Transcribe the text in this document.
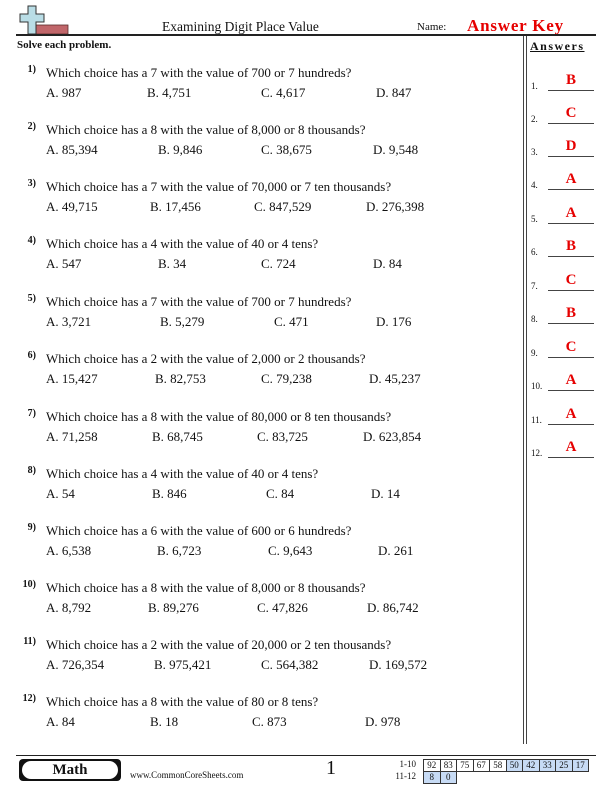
Examining Digit Place Value	Name: Answer Key
Solve each problem.	Answers
1.	B
2.	C
3.	D
4.	A
5.	A
6.	B
7.	C
8.	B
9.	C
10.	A
11.	A
12.	A
1) Which choice has a 7 with the value of 700 or 7 hundreds?
A. 987	B. 4,751	C. 4,617	D. 847
2) Which choice has a 8 with the value of 8,000 or 8 thousands?
A. 85,394	B. 9,846	C. 38,675	D. 9,548
3) Which choice has a 7 with the value of 70,000 or 7 ten thousands?
A. 49,715	B. 17,456	C. 847,529	D. 276,398
4) Which choice has a 4 with the value of 40 or 4 tens?
A. 547	B. 34	C. 724	D. 84
5) Which choice has a 7 with the value of 700 or 7 hundreds?
A. 3,721	B. 5,279	C. 471	D. 176
6) Which choice has a 2 with the value of 2,000 or 2 thousands?
A. 15,427	B. 82,753	C. 79,238	D. 45,237
7) Which choice has a 8 with the value of 80,000 or 8 ten thousands?
A. 71,258	B. 68,745	C. 83,725	D. 623,854
8) Which choice has a 4 with the value of 40 or 4 tens?
A. 54	B. 846	C. 84	D. 14
9) Which choice has a 6 with the value of 600 or 6 hundreds?
A. 6,538	B. 6,723	C. 9,643	D. 261
10) Which choice has a 8 with the value of 8,000 or 8 thousands?
A. 8,792	B. 89,276	C. 47,826	D. 86,742
11) Which choice has a 2 with the value of 20,000 or 2 ten thousands?
A. 726,354	B. 975,421	C. 564,382	D. 169,572
12) Which choice has a 8 with the value of 80 or 8 tens?
A. 84	B. 18	C. 873	D. 978
Math	www.CommonCoreSheets.com	1	1-10	92 83 75 67 58 50 42 33 25 17
11-12	8	0
